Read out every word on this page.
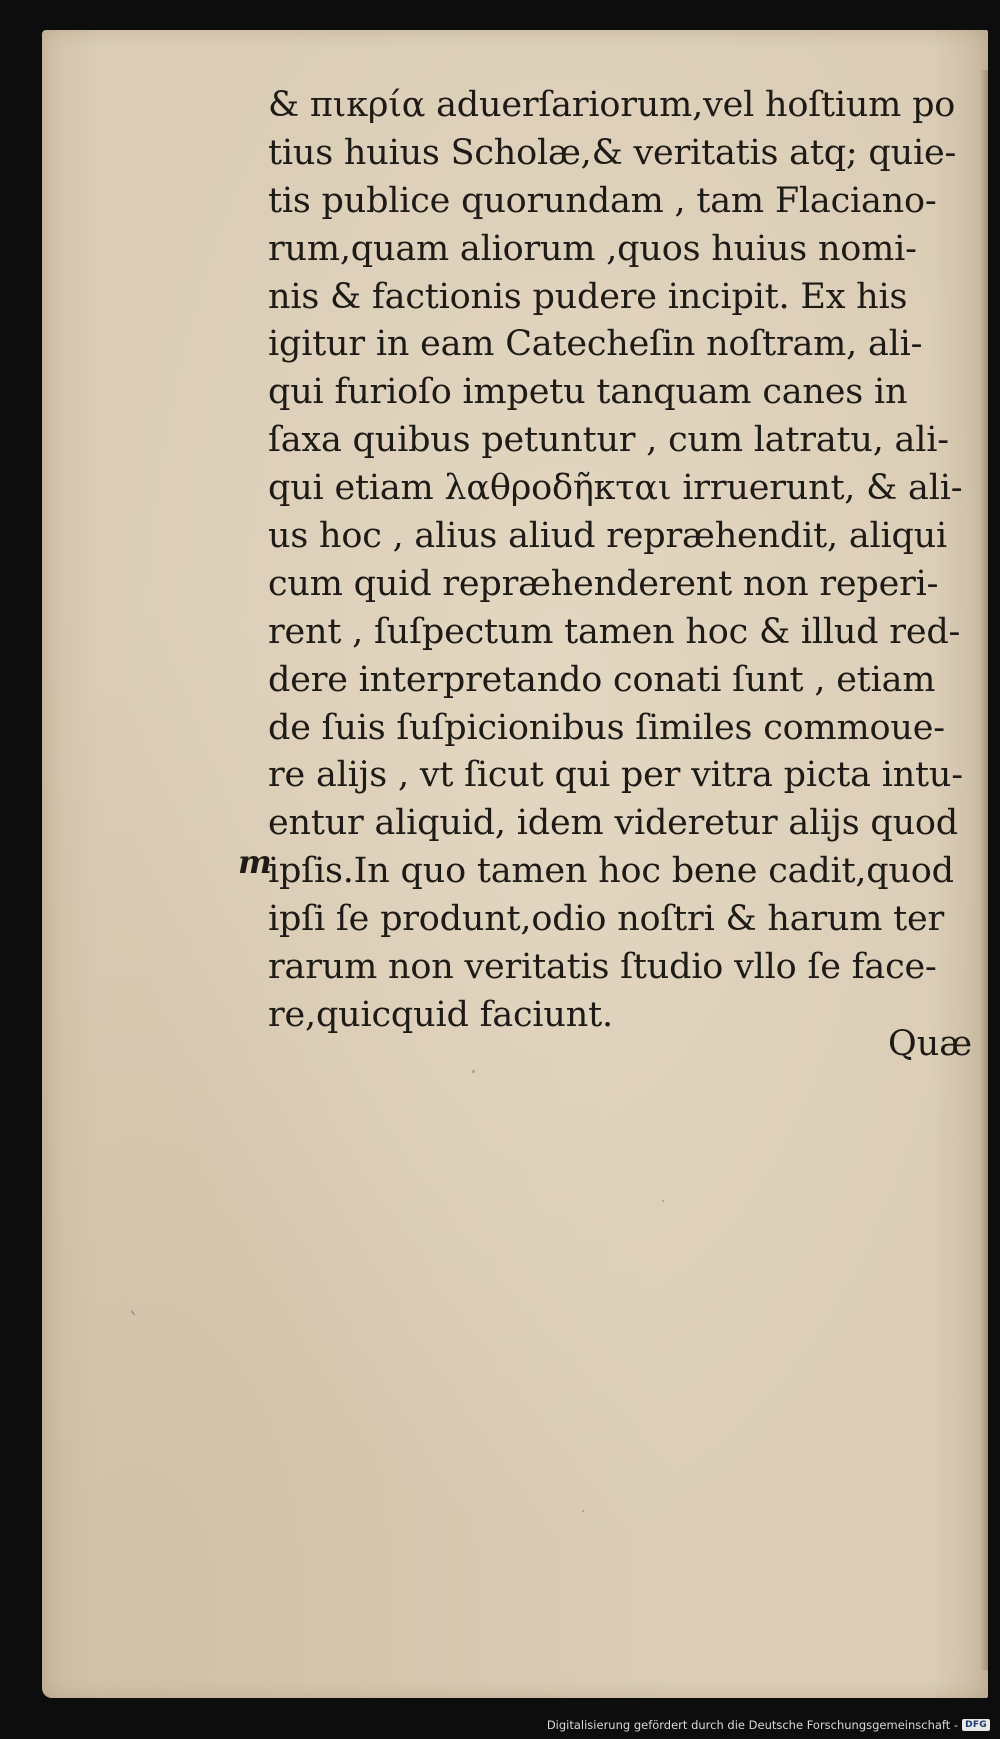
& πικρία aduerſariorum,vel hoſtium po
tius huius Scholæ,& veritatis atq; quie-
tis publice quorundam , tam Flaciano-
rum,quam aliorum ,quos huius nomi-
nis & factionis pudere incipit. Ex his
igitur in eam Catecheſin noſtram, ali-
qui furioſo impetu tanquam canes in
ſaxa quibus petuntur , cum latratu, ali-
qui etiam λαθροδῆκται irruerunt, & ali-
us hoc , alius aliud repræhendit, aliqui
cum quid repræhenderent non reperi-
rent , ſuſpectum tamen hoc & illud red-
dere interpretando conati ſunt , etiam
de ſuis ſuſpicionibus ſimiles commoue-
re alijs , vt ſicut qui per vitra picta intu-
entur aliquid, idem videretur alijs quod
ipſis.In quo tamen hoc bene cadit,quod
ipſi ſe produnt,odio noſtri & harum ter
rarum non veritatis ſtudio vllo ſe face-
re,quicquid faciunt.
m
Quæ
Digitalisierung gefördert durch die Deutsche Forschungsgemeinschaft - DFG
